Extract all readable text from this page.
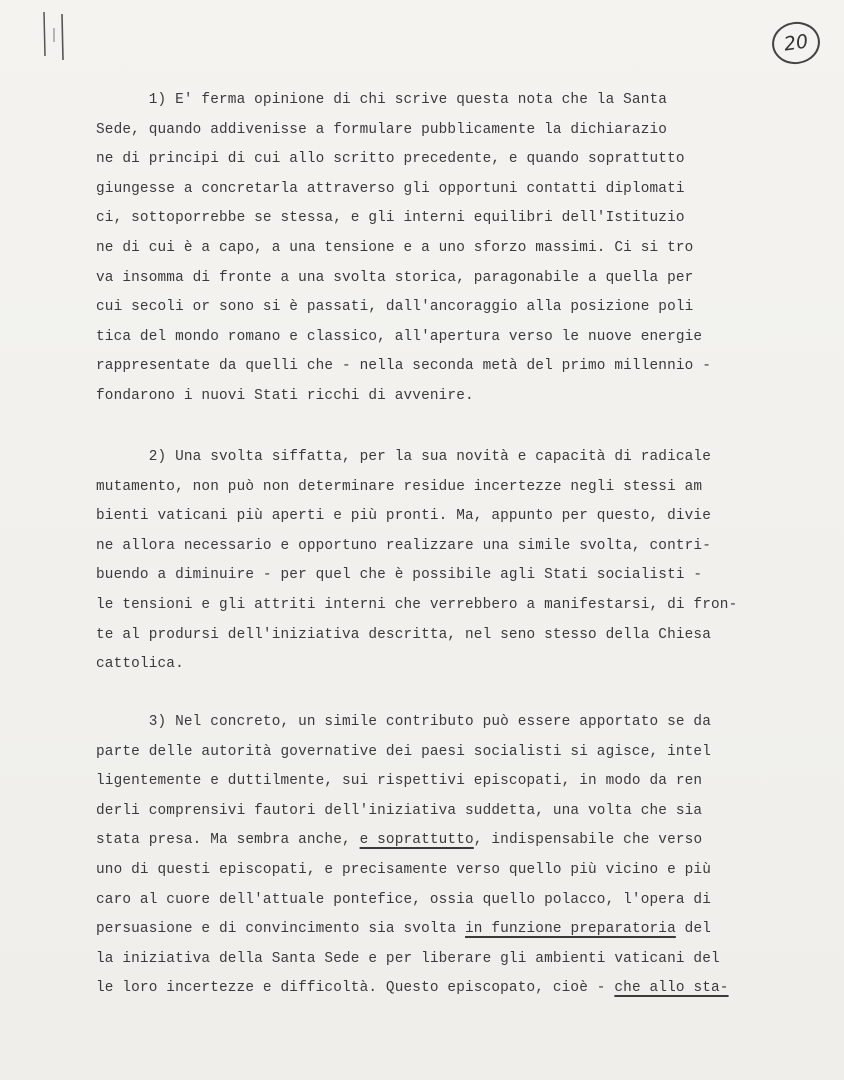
20
1) E' ferma opinione di chi scrive questa nota che la Santa
Sede, quando addivenisse a formulare pubblicamente la dichiarazio
ne di principi di cui allo scritto precedente, e quando soprattutto
giungesse a concretarla attraverso gli opportuni contatti diplomati
ci, sottoporrebbe se stessa, e gli interni equilibri dell'Istituzio
ne di cui è a capo, a una tensione e a uno sforzo massimi. Ci si tro
va insomma di fronte a una svolta storica, paragonabile a quella per
cui secoli or sono si è passati, dall'ancoraggio alla posizione poli
tica del mondo romano e classico, all'apertura verso le nuove energie
rappresentate da quelli che - nella seconda metà del primo millennio -
fondarono i nuovi Stati ricchi di avvenire.
2) Una svolta siffatta, per la sua novità e capacità di radicale
mutamento, non può non determinare residue incertezze negli stessi am
bienti vaticani più aperti e più pronti. Ma, appunto per questo, divie
ne allora necessario e opportuno realizzare una simile svolta, contri-
buendo a diminuire - per quel che è possibile agli Stati socialisti -
le tensioni e gli attriti interni che verrebbero a manifestarsi, di fron-
te al prodursi dell'iniziativa descritta, nel seno stesso della Chiesa
cattolica.
3) Nel concreto, un simile contributo può essere apportato se da
parte delle autorità governative dei paesi socialisti si agisce, intel
ligentemente e duttilmente, sui rispettivi episcopati, in modo da ren
derli comprensivi fautori dell'iniziativa suddetta, una volta che sia
stata presa. Ma sembra anche, e soprattutto, indispensabile che verso
uno di questi episcopati, e precisamente verso quello più vicino e più
caro al cuore dell'attuale pontefice, ossia quello polacco, l'opera di
persuasione e di convincimento sia svolta in funzione preparatoria del
la iniziativa della Santa Sede e per liberare gli ambienti vaticani del
le loro incertezze e difficoltà. Questo episcopato, cioè - che allo sta-
